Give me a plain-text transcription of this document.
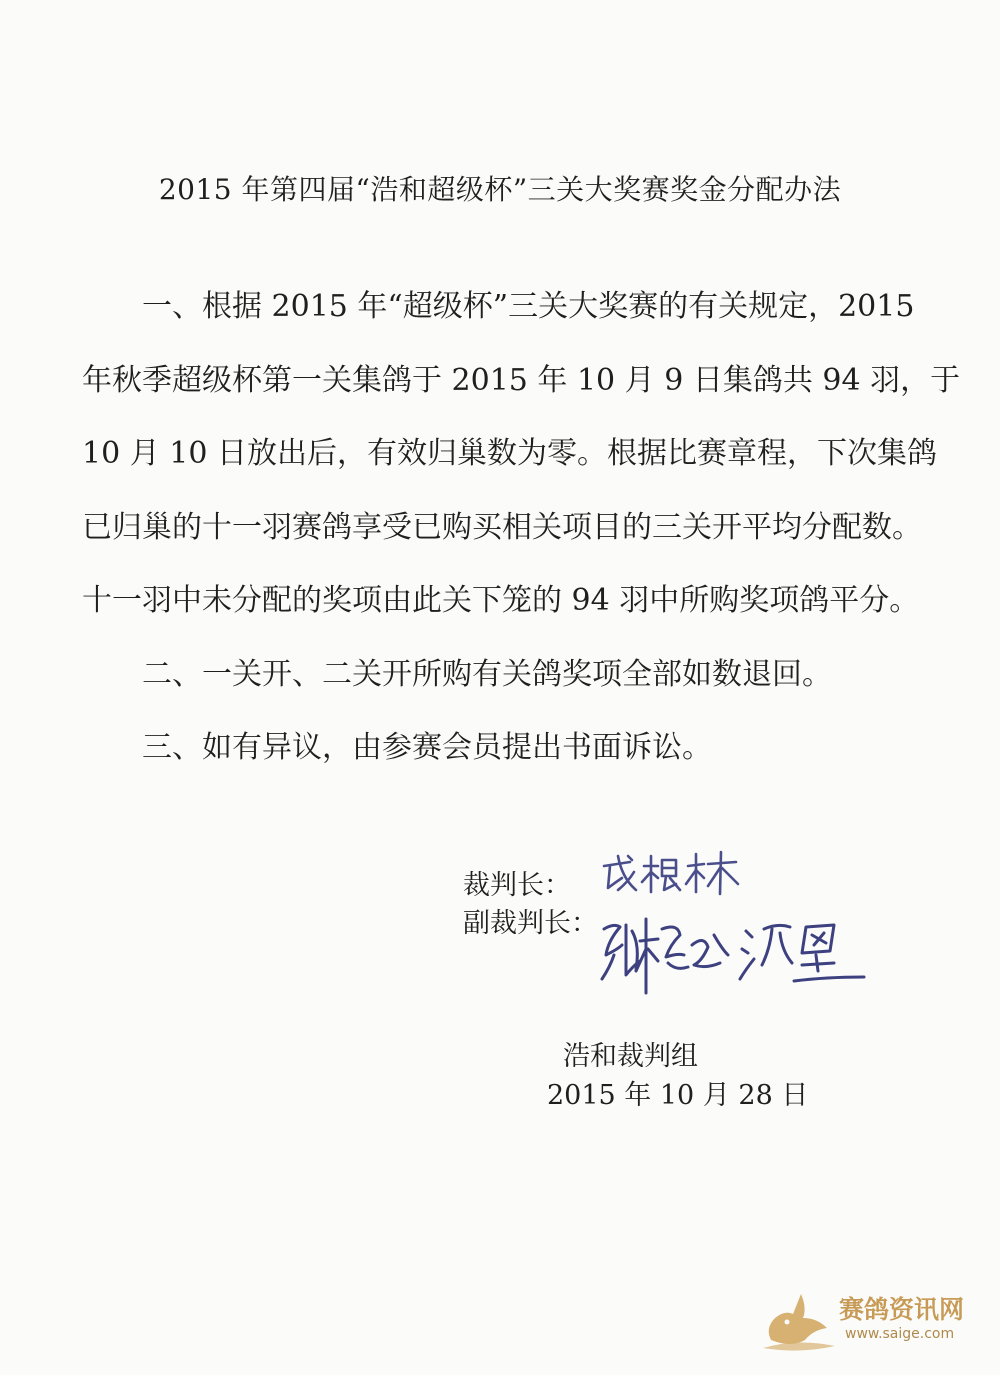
2015 年第四届“浩和超级杯”三关大奖赛奖金分配办法
一、根据 2015 年“超级杯”三关大奖赛的有关规定，2015
年秋季超级杯第一关集鸽于 2015 年 10 月 9 日集鸽共 94 羽，于
10 月 10 日放出后，有效归巢数为零。根据比赛章程，下次集鸽
已归巢的十一羽赛鸽享受已购买相关项目的三关开平均分配数。
十一羽中未分配的奖项由此关下笼的 94 羽中所购奖项鸽平分。
二、一关开、二关开所购有关鸽奖项全部如数退回。
三、如有异议，由参赛会员提出书面诉讼。
裁判长：
副裁判长：
浩和裁判组
2015 年 10 月 28 日
赛鸽资讯网
www.saige.com
